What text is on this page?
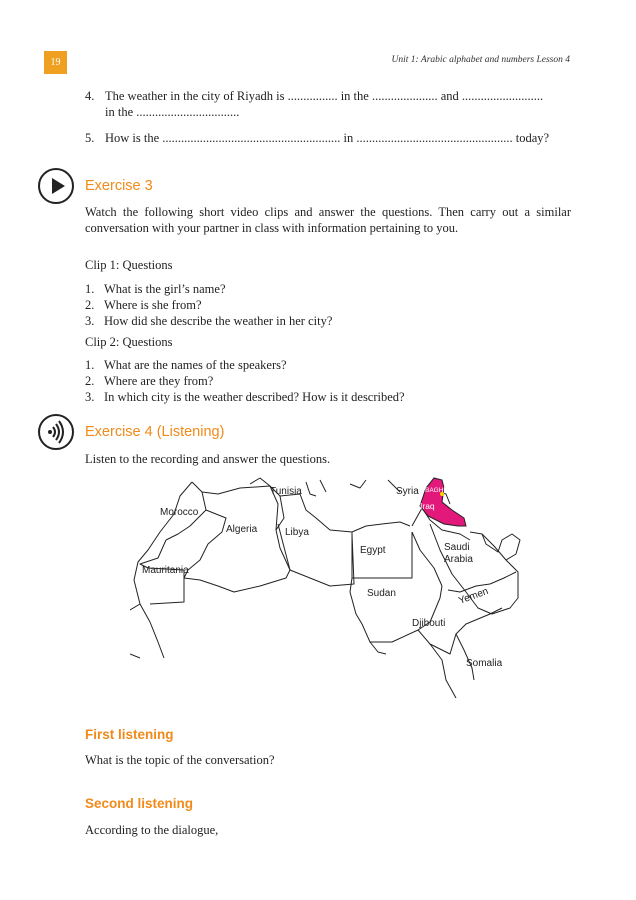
19	Unit 1: Arabic alphabet and numbers Lesson 4
4. The weather in the city of Riyadh is ................ in the ..................... and ..........................
in the .................................
5. How is the ......................................................... in .................................................. today?
Exercise 3
Watch the following short video clips and answer the questions. Then carry out a similar conversation with your partner in class with information pertaining to you.
Clip 1: Questions
1. What is the girl’s name?
2. Where is she from?
3. How did she describe the weather in her city?
Clip 2: Questions
1. What are the names of the speakers?
2. Where are they from?
3. In which city is the weather described? How is it described?
Exercise 4 (Listening)
Listen to the recording and answer the questions.
Tunisia	Syria BAGHDAD
Iraq
Morocco
Algeria	Libya
Egypt	Saudi
Arabia
Mauritania
Sudan	Yemen
Djibouti
Somalia
First listening
What is the topic of the conversation?
Second listening
According to the dialogue,
